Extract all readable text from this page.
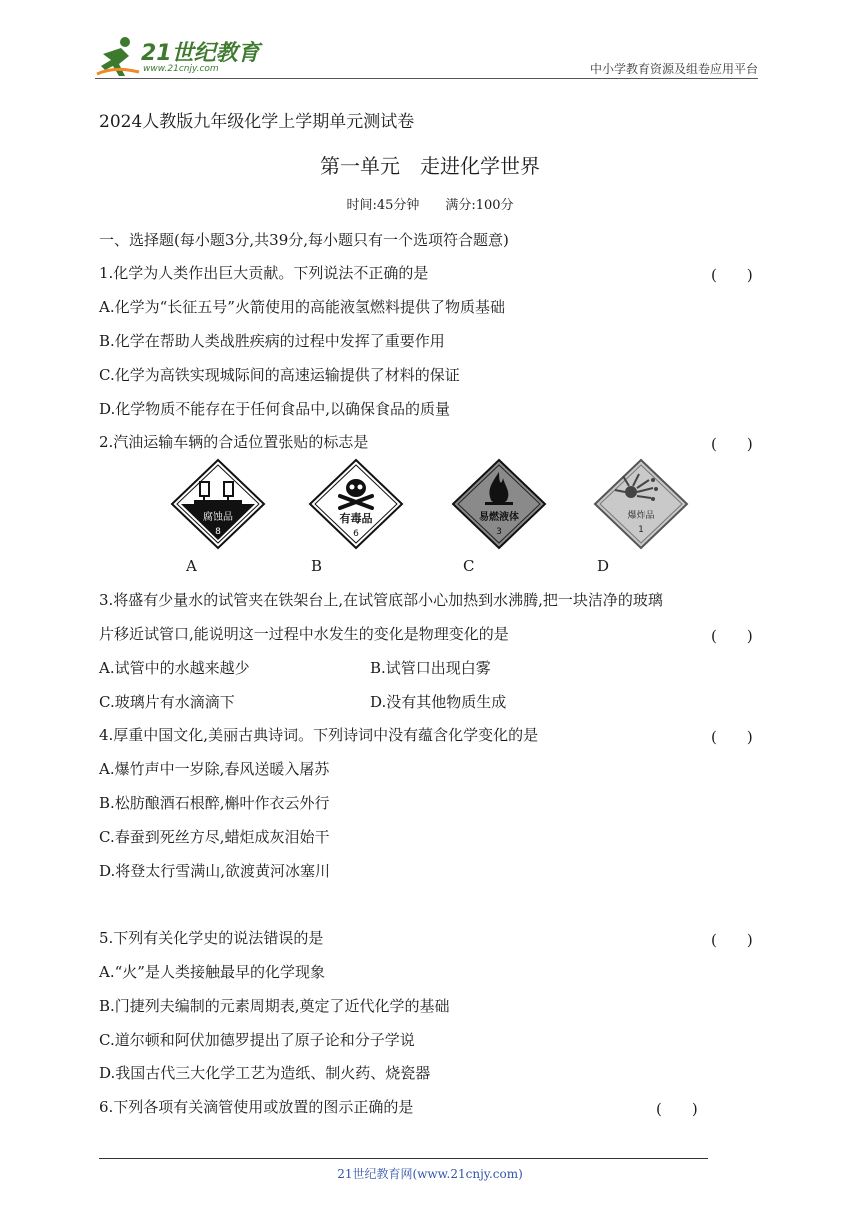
21世纪教育
www.21cnjy.com	中小学教育资源及组卷应用平台
2024人教版九年级化学上学期单元测试卷
第一单元　走进化学世界
时间:45分钟　　满分:100分
一、选择题(每小题3分,共39分,每小题只有一个选项符合题意)
1.化学为人类作出巨大贡献。下列说法不正确的是	(　　)
A.化学为“长征五号”火箭使用的高能液氢燃料提供了物质基础
B.化学在帮助人类战胜疾病的过程中发挥了重要作用
C.化学为高铁实现城际间的高速运输提供了材料的保证
D.化学物质不能存在于任何食品中,以确保食品的质量
2.汽油运输车辆的合适位置张贴的标志是	(　　)
腐蚀品
8
有毒品
6
易燃液体
3
爆炸品
1
A	B	C	D
3.将盛有少量水的试管夹在铁架台上,在试管底部小心加热到水沸腾,把一块洁净的玻璃
片移近试管口,能说明这一过程中水发生的变化是物理变化的是	(　　)
A.试管中的水越来越少	B.试管口出现白雾
C.玻璃片有水滴滴下	D.没有其他物质生成
4.厚重中国文化,美丽古典诗词。下列诗词中没有蕴含化学变化的是	(　　)
A.爆竹声中一岁除,春风送暖入屠苏
B.松肪酿酒石根醉,槲叶作衣云外行
C.春蚕到死丝方尽,蜡炬成灰泪始干
D.将登太行雪满山,欲渡黄河冰塞川
5.下列有关化学史的说法错误的是	(　　)
A.“火”是人类接触最早的化学现象
B.门捷列夫编制的元素周期表,奠定了近代化学的基础
C.道尔顿和阿伏加德罗提出了原子论和分子学说
D.我国古代三大化学工艺为造纸、制火药、烧瓷器
6.下列各项有关滴管使用或放置的图示正确的是	(　　)
21世纪教育网(www.21cnjy.com)
